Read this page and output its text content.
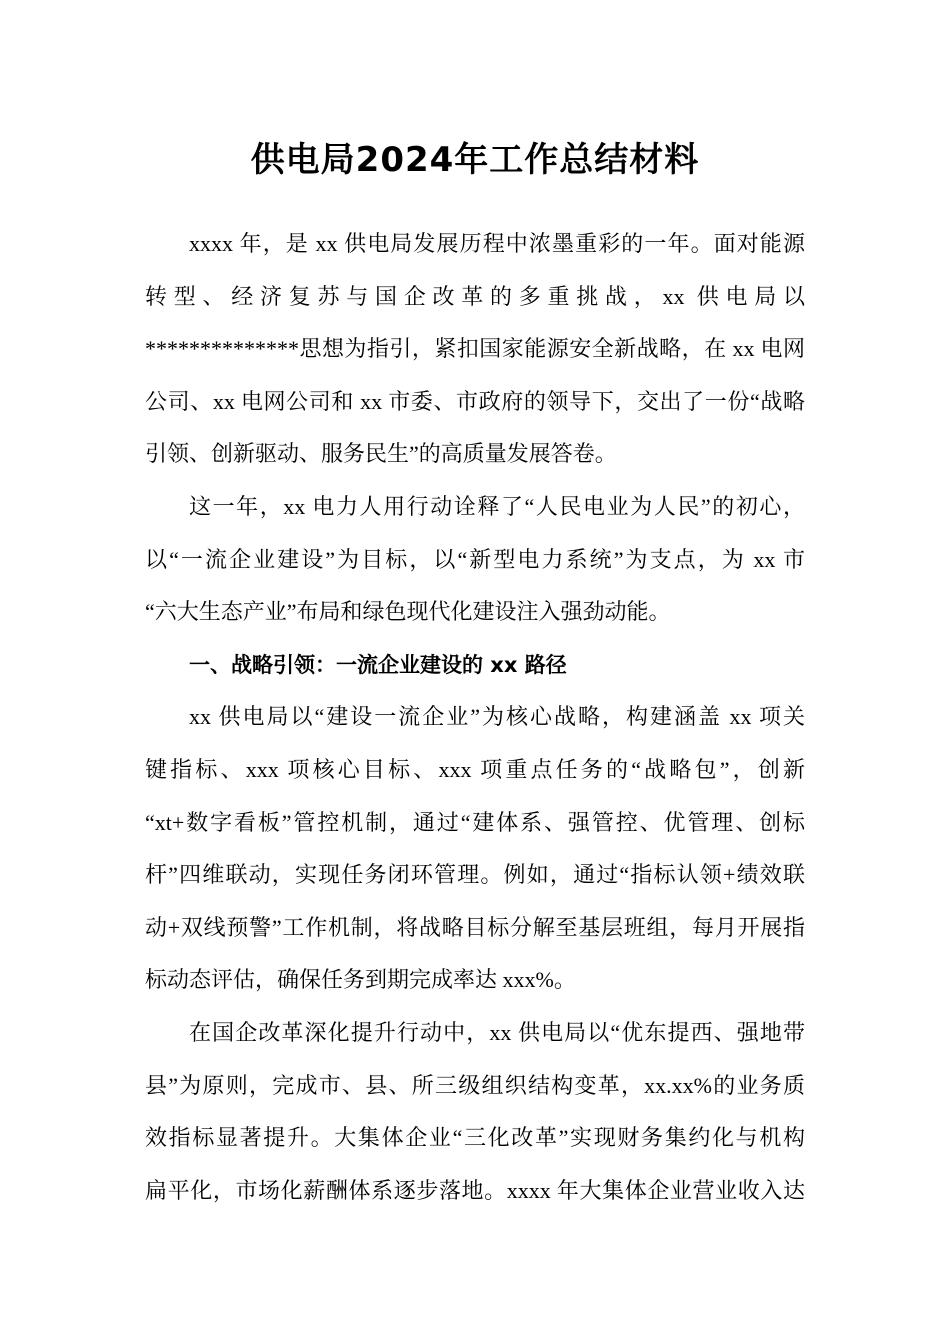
供电局2024年工作总结材料
xxxx 年，是 xx 供电局发展历程中浓墨重彩的一年。面对能源
转型、经济复苏与国企改革的多重挑战，xx 供电局以
**************思想为指引，紧扣国家能源安全新战略，在 xx 电网
公司、xx 电网公司和 xx 市委、市政府的领导下，交出了一份“战略
引领、创新驱动、服务民生”的高质量发展答卷。
这一年，xx 电力人用行动诠释了“人民电业为人民”的初心，
以“一流企业建设”为目标，以“新型电力系统”为支点，为 xx 市
“六大生态产业”布局和绿色现代化建设注入强劲动能。
一、战略引领：一流企业建设的 xx 路径
xx 供电局以“建设一流企业”为核心战略，构建涵盖 xx 项关
键指标、xxx 项核心目标、xxx 项重点任务的“战略包”，创新
“xt+数字看板”管控机制，通过“建体系、强管控、优管理、创标
杆”四维联动，实现任务闭环管理。例如，通过“指标认领+绩效联
动+双线预警”工作机制，将战略目标分解至基层班组，每月开展指
标动态评估，确保任务到期完成率达 xxx%。
在国企改革深化提升行动中，xx 供电局以“优东提西、强地带
县”为原则，完成市、县、所三级组织结构变革，xx.xx%的业务质
效指标显著提升。大集体企业“三化改革”实现财务集约化与机构
扁平化，市场化薪酬体系逐步落地。xxxx 年大集体企业营业收入达
